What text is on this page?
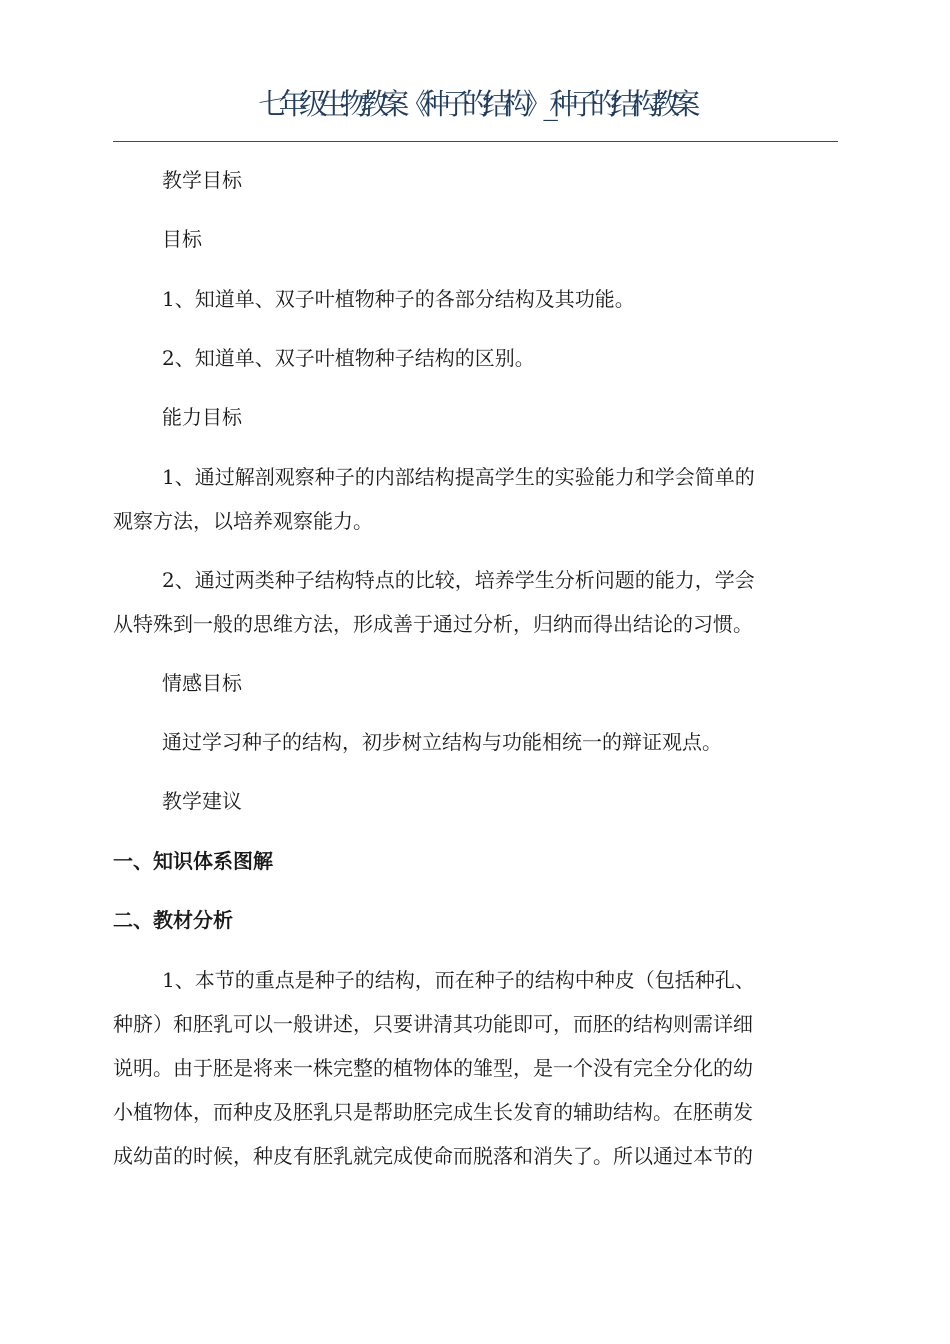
七年级生物教案《种子的结构》_种子的结构教案
教学目标
目标
1、知道单、双子叶植物种子的各部分结构及其功能。
2、知道单、双子叶植物种子结构的区别。
能力目标
1、通过解剖观察种子的内部结构提高学生的实验能力和学会简单的
观察方法，以培养观察能力。
2、通过两类种子结构特点的比较，培养学生分析问题的能力，学会
从特殊到一般的思维方法，形成善于通过分析，归纳而得出结论的习惯。
情感目标
通过学习种子的结构，初步树立结构与功能相统一的辩证观点。
教学建议
一、知识体系图解
二、教材分析
1、本节的重点是种子的结构，而在种子的结构中种皮（包括种孔、
种脐）和胚乳可以一般讲述，只要讲清其功能即可，而胚的结构则需详细
说明。由于胚是将来一株完整的植物体的雏型，是一个没有完全分化的幼
小植物体，而种皮及胚乳只是帮助胚完成生长发育的辅助结构。在胚萌发
成幼苗的时候，种皮有胚乳就完成使命而脱落和消失了。所以通过本节的
